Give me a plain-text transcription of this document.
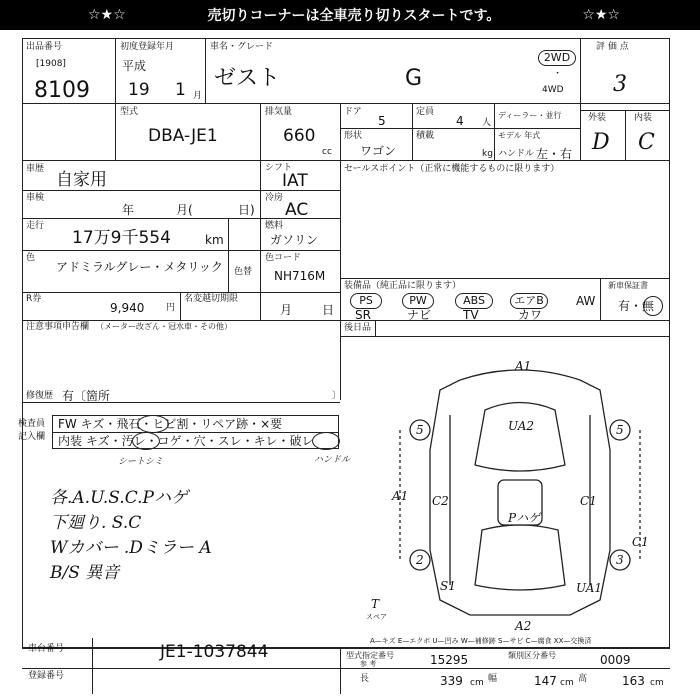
☆★☆	売切りコーナーは全車売り切りスタートです。	☆★☆
出品番号
[1908]
8109
初度登録年月
平成
19 1 月
車名・グレード
ゼスト	G
2WD
・
4WD
評 価 点
3
外装	内装
D C
型式
DBA-JE1
排気量
660
cc
ドア
5
定員
4 人
ディーラー・並行
形状
ワゴン
積載
kg
モデル 年式
ハンドル 左・右
車歴
自家用
車検
年	月(	日)
走行
17万9千554	km
シフト
IAT
冷房
AC
燃料
ガソリン
色
アドミラルグレー・メタリック 色替
色コード
NH716M
R券
9,940 円
名変越切期限
月 日
セールスポイント（正常に機能するものに限ります）
注意事項申告欄 （メーター改ざん・冠水車・その他）
修復歴 有〔箇所	〕
装備品（純正品に限ります）
PS	PW	ABS	エアB	AW
SR	ナビ	TV	カワ
新車保証書
有・無
後日品
検査員
記入欄
FW キズ・飛石・ヒビ割・リペア跡・×要
内装 キズ・汚レ・コゲ・穴・スレ・キレ・破レ
シートシミ	ハンドル
各.A.U.S.C.Pハゲ
下廻り. S.C
Wカバー .Dミラー A
B/S 異音
A1
UA2
A1 C2	C1
C1
Pハゲ
S1	UA1
A2
5	5
2	3
T
スペア
A—キズ E—エクボ U—凹み W—補修跡 S—サビ C—腐食 XX—交換済
車台番号	JE1-1037844
登録番号
型式指定番号
参 考	15295	類別区分番号	0009
長	339 cm 幅	147 cm 高	163 cm
